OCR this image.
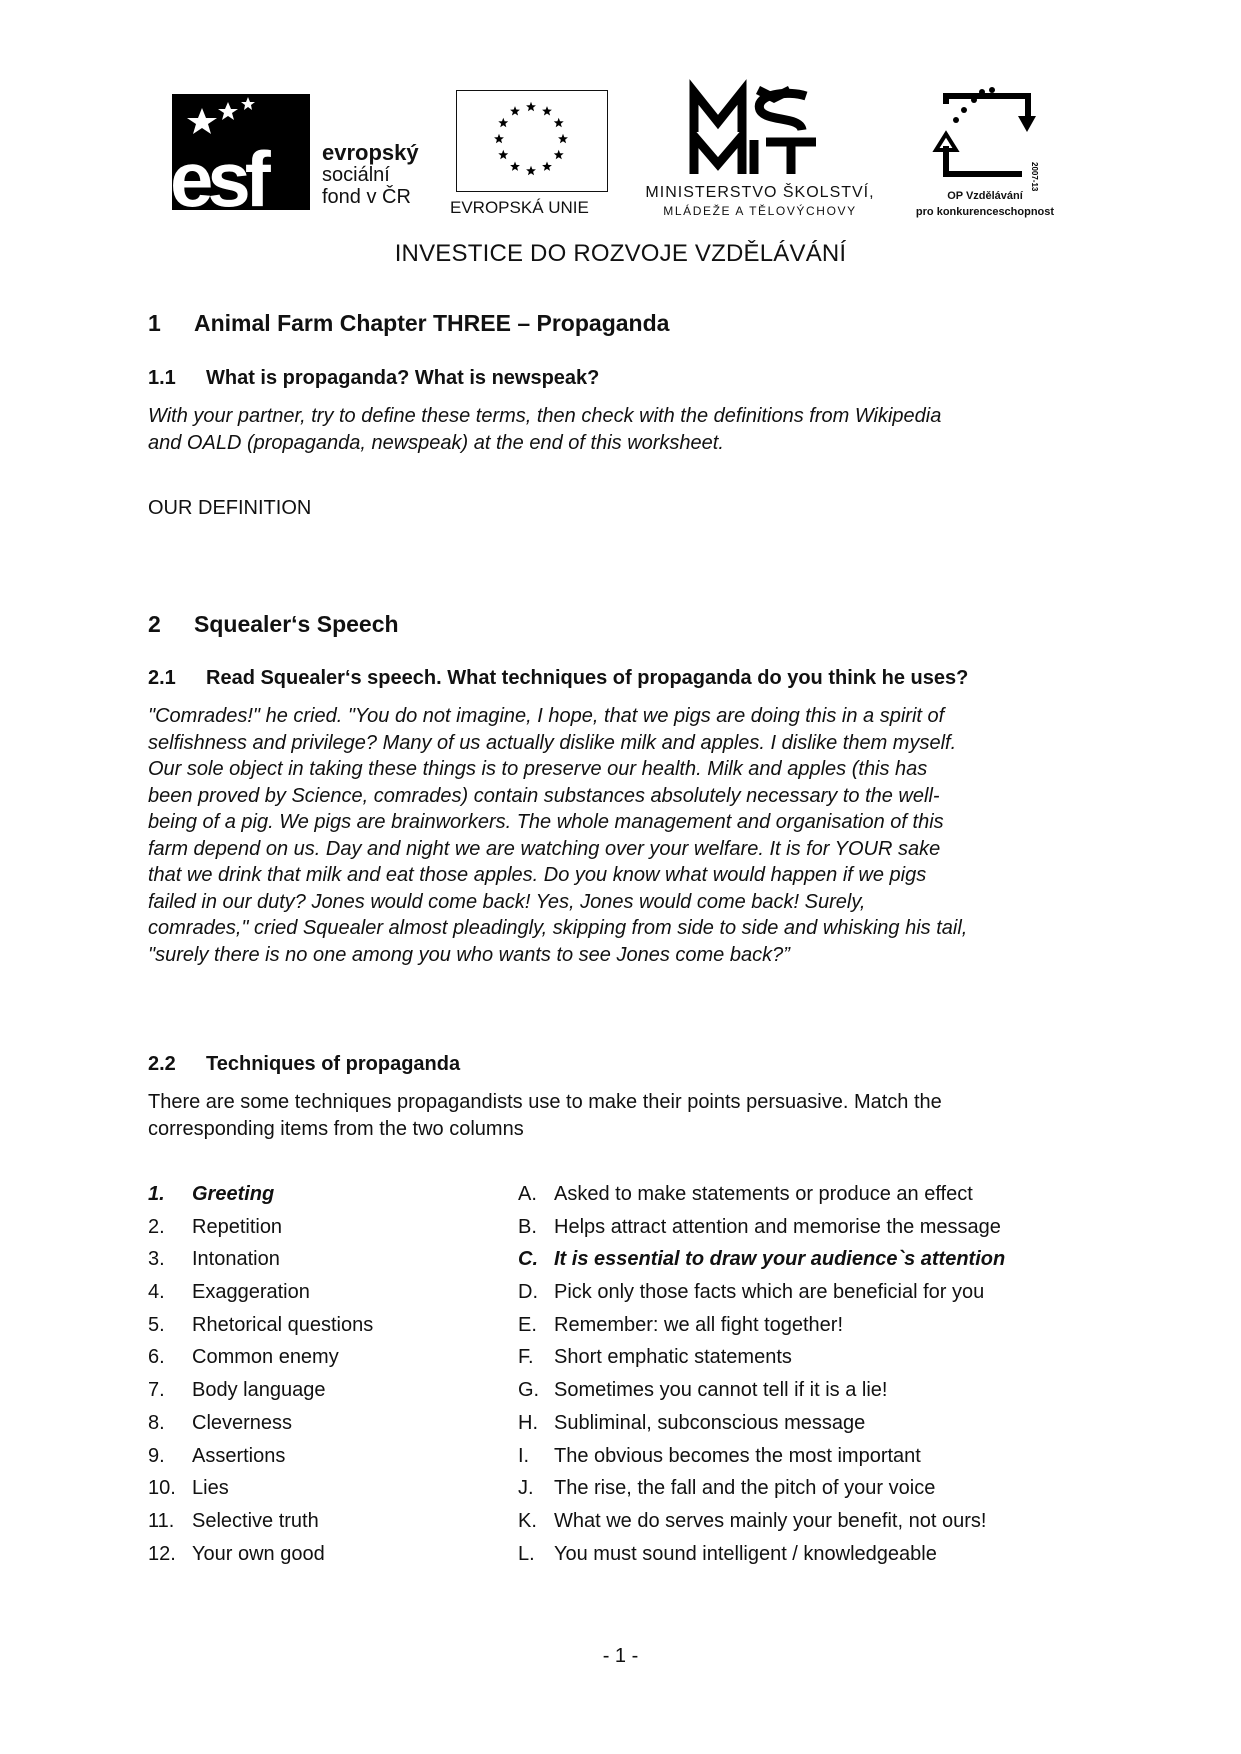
esf	evropský
sociální
fond v ČR	EVROPSKÁ UNIE
MINISTERSTVO ŠKOLSTVÍ,
MLÁDEŽE A TĚLOVÝCHOVY
2007-13
OP Vzdělávání
pro konkurenceschopnost
INVESTICE DO ROZVOJE VZDĚLÁVÁNÍ
1 Animal Farm Chapter THREE – Propaganda
1.1 What is propaganda? What is newspeak?
With your partner, try to define these terms, then check with the definitions from Wikipedia
and OALD (propaganda, newspeak) at the end of this worksheet.
OUR DEFINITION
2 Squealer‘s Speech
2.1 Read Squealer‘s speech. What techniques of propaganda do you think he uses?
"Comrades!" he cried. "You do not imagine, I hope, that we pigs are doing this in a spirit of
selfishness and privilege? Many of us actually dislike milk and apples. I dislike them myself.
Our sole object in taking these things is to preserve our health. Milk and apples (this has
been proved by Science, comrades) contain substances absolutely necessary to the well-
being of a pig. We pigs are brainworkers. The whole management and organisation of this
farm depend on us. Day and night we are watching over your welfare. It is for YOUR sake
that we drink that milk and eat those apples. Do you know what would happen if we pigs
failed in our duty? Jones would come back! Yes, Jones would come back! Surely,
comrades," cried Squealer almost pleadingly, skipping from side to side and whisking his tail,
"surely there is no one among you who wants to see Jones come back?”
2.2 Techniques of propaganda
There are some techniques propagandists use to make their points persuasive. Match the
corresponding items from the two columns
1.	Greeting	A. Asked to make statements or produce an effect
2.	Repetition	B. Helps attract attention and memorise the message
3.	Intonation	C. It is essential to draw your audience`s attention
4.	Exaggeration	D. Pick only those facts which are beneficial for you
5.	Rhetorical questions	E. Remember: we all fight together!
6.	Common enemy	F.	Short emphatic statements
7.	Body language	G. Sometimes you cannot tell if it is a lie!
8.	Cleverness	H. Subliminal, subconscious message
9.	Assertions	I.	The obvious becomes the most important
10. Lies	J.	The rise, the fall and the pitch of your voice
11. Selective truth	K. What we do serves mainly your benefit, not ours!
12. Your own good	L. You must sound intelligent / knowledgeable
- 1 -
